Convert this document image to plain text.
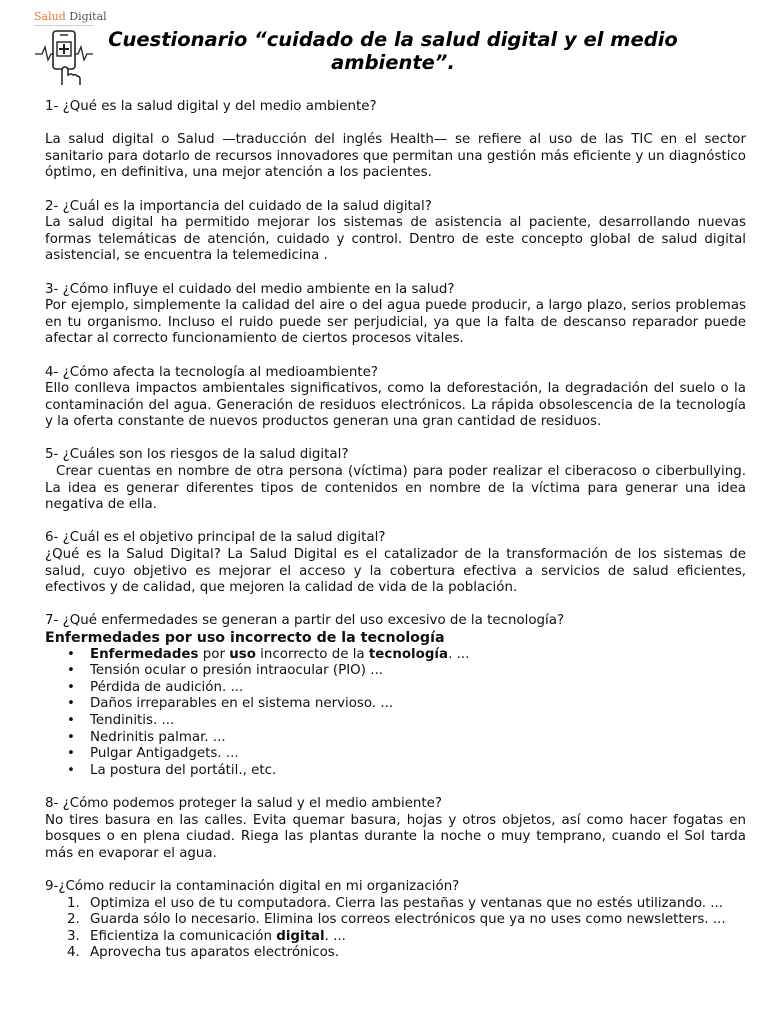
Salud Digital
Cuestionario “cuidado de la salud digital y el medio ambiente”.

1- ¿Qué es la salud digital y del medio ambiente?

La salud digital o Salud —traducción del inglés Health— se refiere al uso de las TIC en el sector sanitario para dotarlo de recursos innovadores que permitan una gestión más eficiente y un diagnóstico óptimo, en definitiva, una mejor atención a los pacientes.

2- ¿Cuál es la importancia del cuidado de la salud digital?

La salud digital ha permitido mejorar los sistemas de asistencia al paciente, desarrollando nuevas formas telemáticas de atención, cuidado y control. Dentro de este concepto global de salud digital asistencial, se encuentra la telemedicina .

3- ¿Cómo influye el cuidado del medio ambiente en la salud?

Por ejemplo, simplemente la calidad del aire o del agua puede producir, a largo plazo, serios problemas en tu organismo. Incluso el ruido puede ser perjudicial, ya que la falta de descanso reparador puede afectar al correcto funcionamiento de ciertos procesos vitales.

4- ¿Cómo afecta la tecnología al medioambiente?

Ello conlleva impactos ambientales significativos, como la deforestación, la degradación del suelo o la contaminación del agua. Generación de residuos electrónicos. La rápida obsolescencia de la tecnología y la oferta constante de nuevos productos generan una gran cantidad de residuos.

5- ¿Cuáles son los riesgos de la salud digital?

Crear cuentas en nombre de otra persona (víctima) para poder realizar el ciberacoso o ciberbullying. La idea es generar diferentes tipos de contenidos en nombre de la víctima para generar una idea negativa de ella.

6- ¿Cuál es el objetivo principal de la salud digital?

¿Qué es la Salud Digital? La Salud Digital es el catalizador de la transformación de los sistemas de salud, cuyo objetivo es mejorar el acceso y la cobertura efectiva a servicios de salud eficientes, efectivos y de calidad, que mejoren la calidad de vida de la población.

7- ¿Qué enfermedades se generan a partir del uso excesivo de la tecnología?

Enfermedades por uso incorrecto de la tecnología

• Enfermedades por uso incorrecto de la tecnología. ...
• Tensión ocular o presión intraocular (PIO) ...
• Pérdida de audición. ...
• Daños irreparables en el sistema nervioso. ...
• Tendinitis. ...
• Nedrinitis palmar. ...
• Pulgar Antigadgets. ...
• La postura del portátil., etc.

8- ¿Cómo podemos proteger la salud y el medio ambiente?

No tires basura en las calles. Evita quemar basura, hojas y otros objetos, así como hacer fogatas en bosques o en plena ciudad. Riega las plantas durante la noche o muy temprano, cuando el Sol tarda más en evaporar el agua.

9-¿Cómo reducir la contaminación digital en mi organización?

1. Optimiza el uso de tu computadora. Cierra las pestañas y ventanas que no estés utilizando. ...
2. Guarda sólo lo necesario. Elimina los correos electrónicos que ya no uses como newsletters. ...
3. Eficientiza la comunicación digital. ...
4. Aprovecha tus aparatos electrónicos.
